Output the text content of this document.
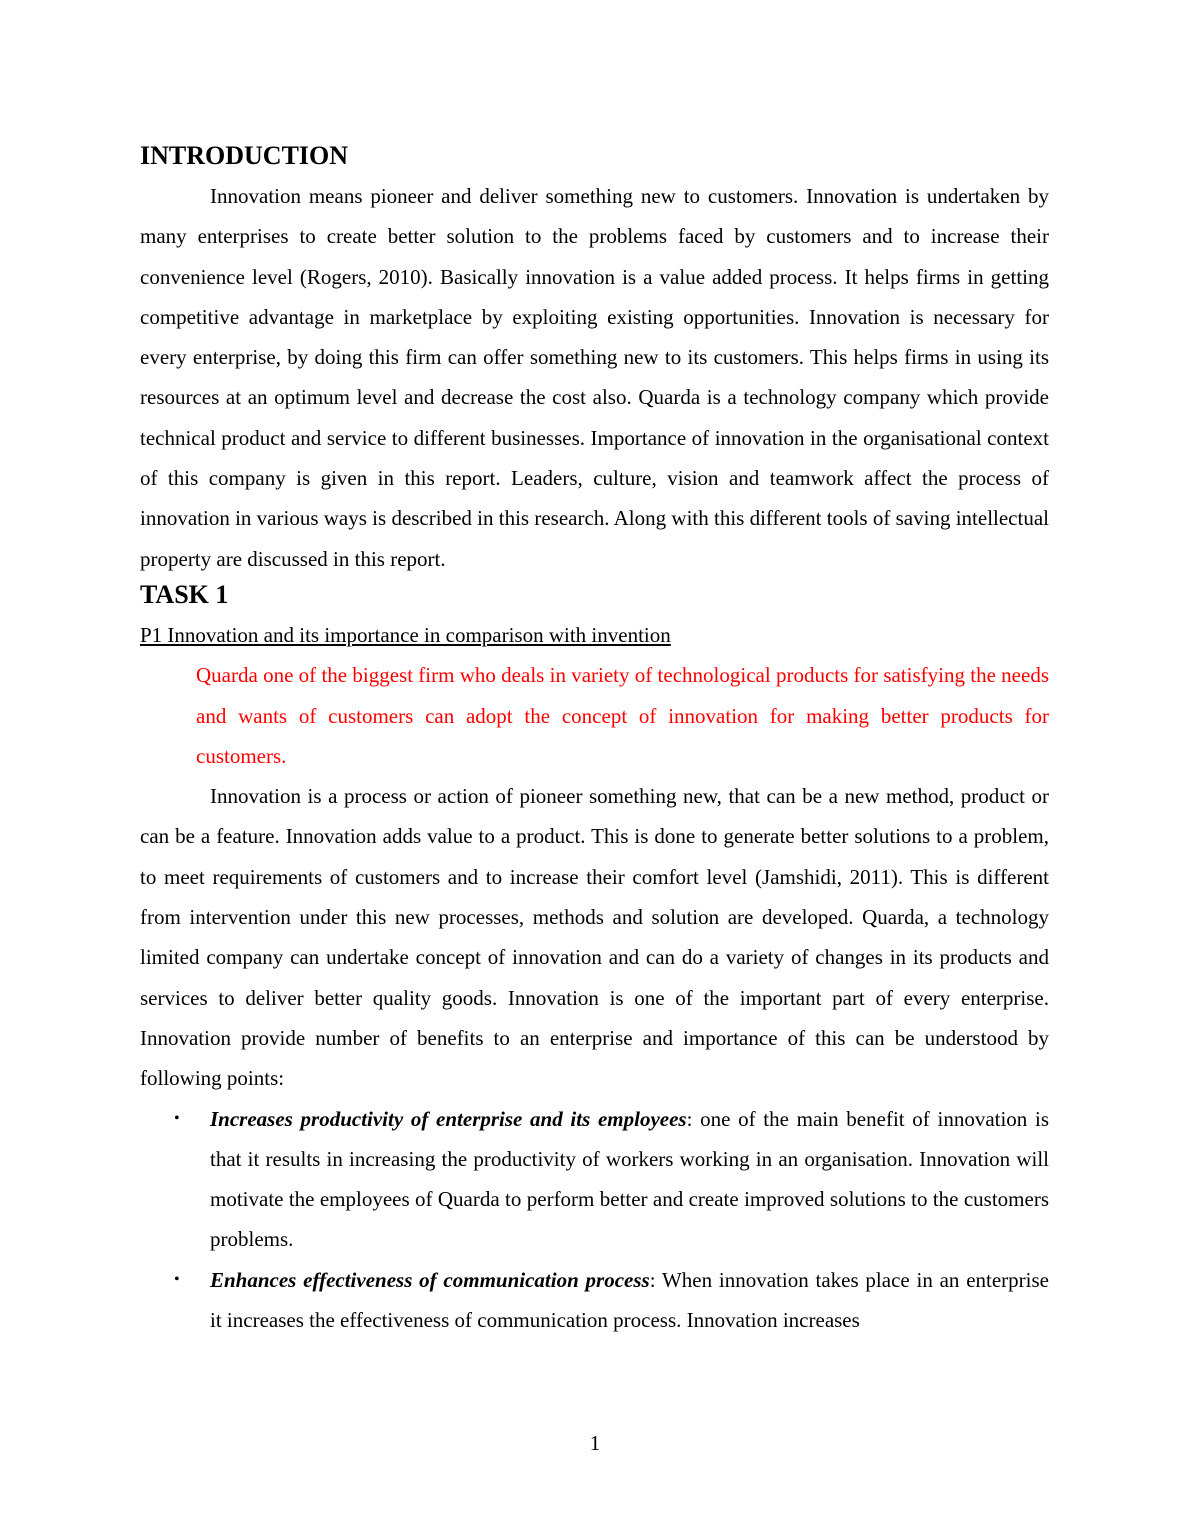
INTRODUCTION

Innovation means pioneer and deliver something new to customers. Innovation is undertaken by many enterprises to create better solution to the problems faced by customers and to increase their convenience level (Rogers, 2010). Basically innovation is a value added process. It helps firms in getting competitive advantage in marketplace by exploiting existing opportunities. Innovation is necessary for every enterprise, by doing this firm can offer something new to its customers. This helps firms in using its resources at an optimum level and decrease the cost also. Quarda is a technology company which provide technical product and service to different businesses. Importance of innovation in the organisational context of this company is given in this report. Leaders, culture, vision and teamwork affect the process of innovation in various ways is described in this research. Along with this different tools of saving intellectual property are discussed in this report.

TASK 1

P1 Innovation and its importance in comparison with invention

Quarda one of the biggest firm who deals in variety of technological products for satisfying the needs and wants of customers can adopt the concept of innovation for making better products for customers.

Innovation is a process or action of pioneer something new, that can be a new method, product or can be a feature. Innovation adds value to a product. This is done to generate better solutions to a problem, to meet requirements of customers and to increase their comfort level (Jamshidi, 2011). This is different from intervention under this new processes, methods and solution are developed. Quarda, a technology limited company can undertake concept of innovation and can do a variety of changes in its products and services to deliver better quality goods. Innovation is one of the important part of every enterprise. Innovation provide number of benefits to an enterprise and importance of this can be understood by following points:

• Increases productivity of enterprise and its employees: one of the main benefit of innovation is that it results in increasing the productivity of workers working in an organisation. Innovation will motivate the employees of Quarda to perform better and create improved solutions to the customers problems.
• Enhances effectiveness of communication process: When innovation takes place in an enterprise it increases the effectiveness of communication process. Innovation increases
1
